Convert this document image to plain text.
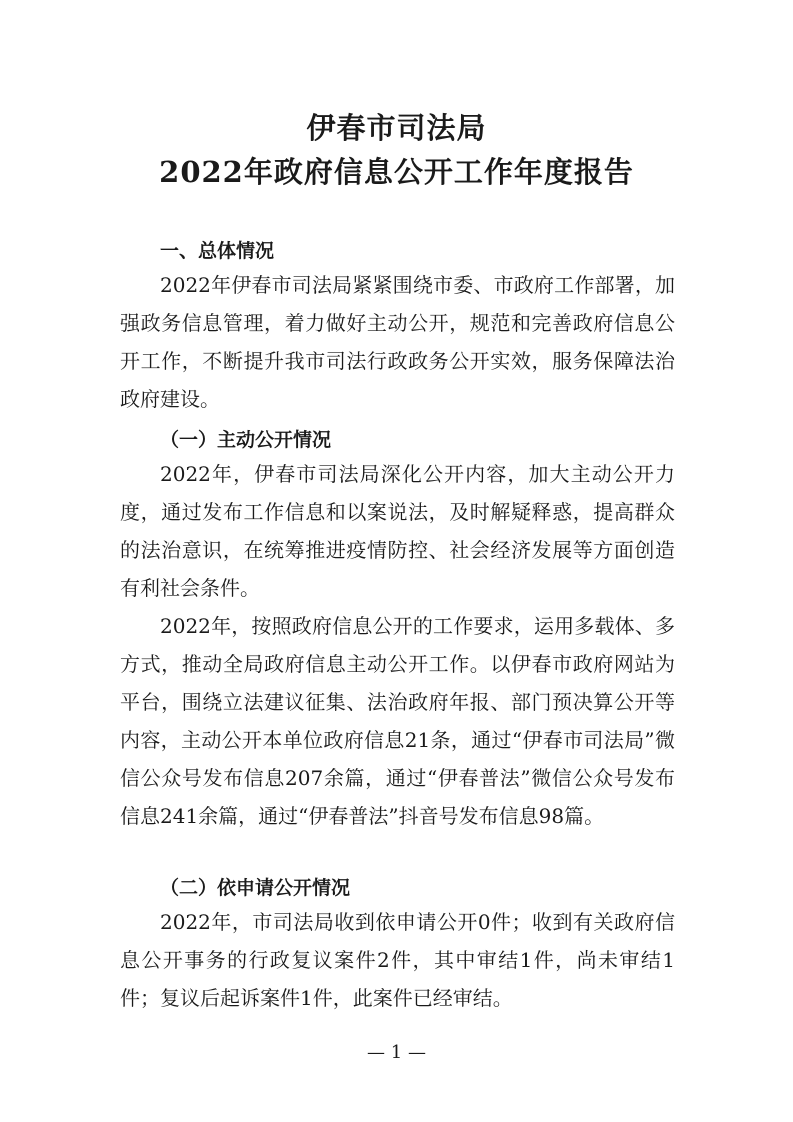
伊春市司法局
2022年政府信息公开工作年度报告
一、总体情况

2022年伊春市司法局紧紧围绕市委、市政府工作部署，加强政务信息管理，着力做好主动公开，规范和完善政府信息公开工作，不断提升我市司法行政政务公开实效，服务保障法治政府建设。

（一）主动公开情况

2022年，伊春市司法局深化公开内容，加大主动公开力度，通过发布工作信息和以案说法，及时解疑释惑，提高群众的法治意识，在统筹推进疫情防控、社会经济发展等方面创造有利社会条件。

2022年，按照政府信息公开的工作要求，运用多载体、多方式，推动全局政府信息主动公开工作。以伊春市政府网站为平台，围绕立法建议征集、法治政府年报、部门预决算公开等内容，主动公开本单位政府信息21条，通过“伊春市司法局”微信公众号发布信息207余篇，通过“伊春普法”微信公众号发布信息241余篇，通过“伊春普法”抖音号发布信息98篇。

（二）依申请公开情况

2022年，市司法局收到依申请公开0件；收到有关政府信息公开事务的行政复议案件2件，其中审结1件，尚未审结1件；复议后起诉案件1件，此案件已经审结。

— 1 —
